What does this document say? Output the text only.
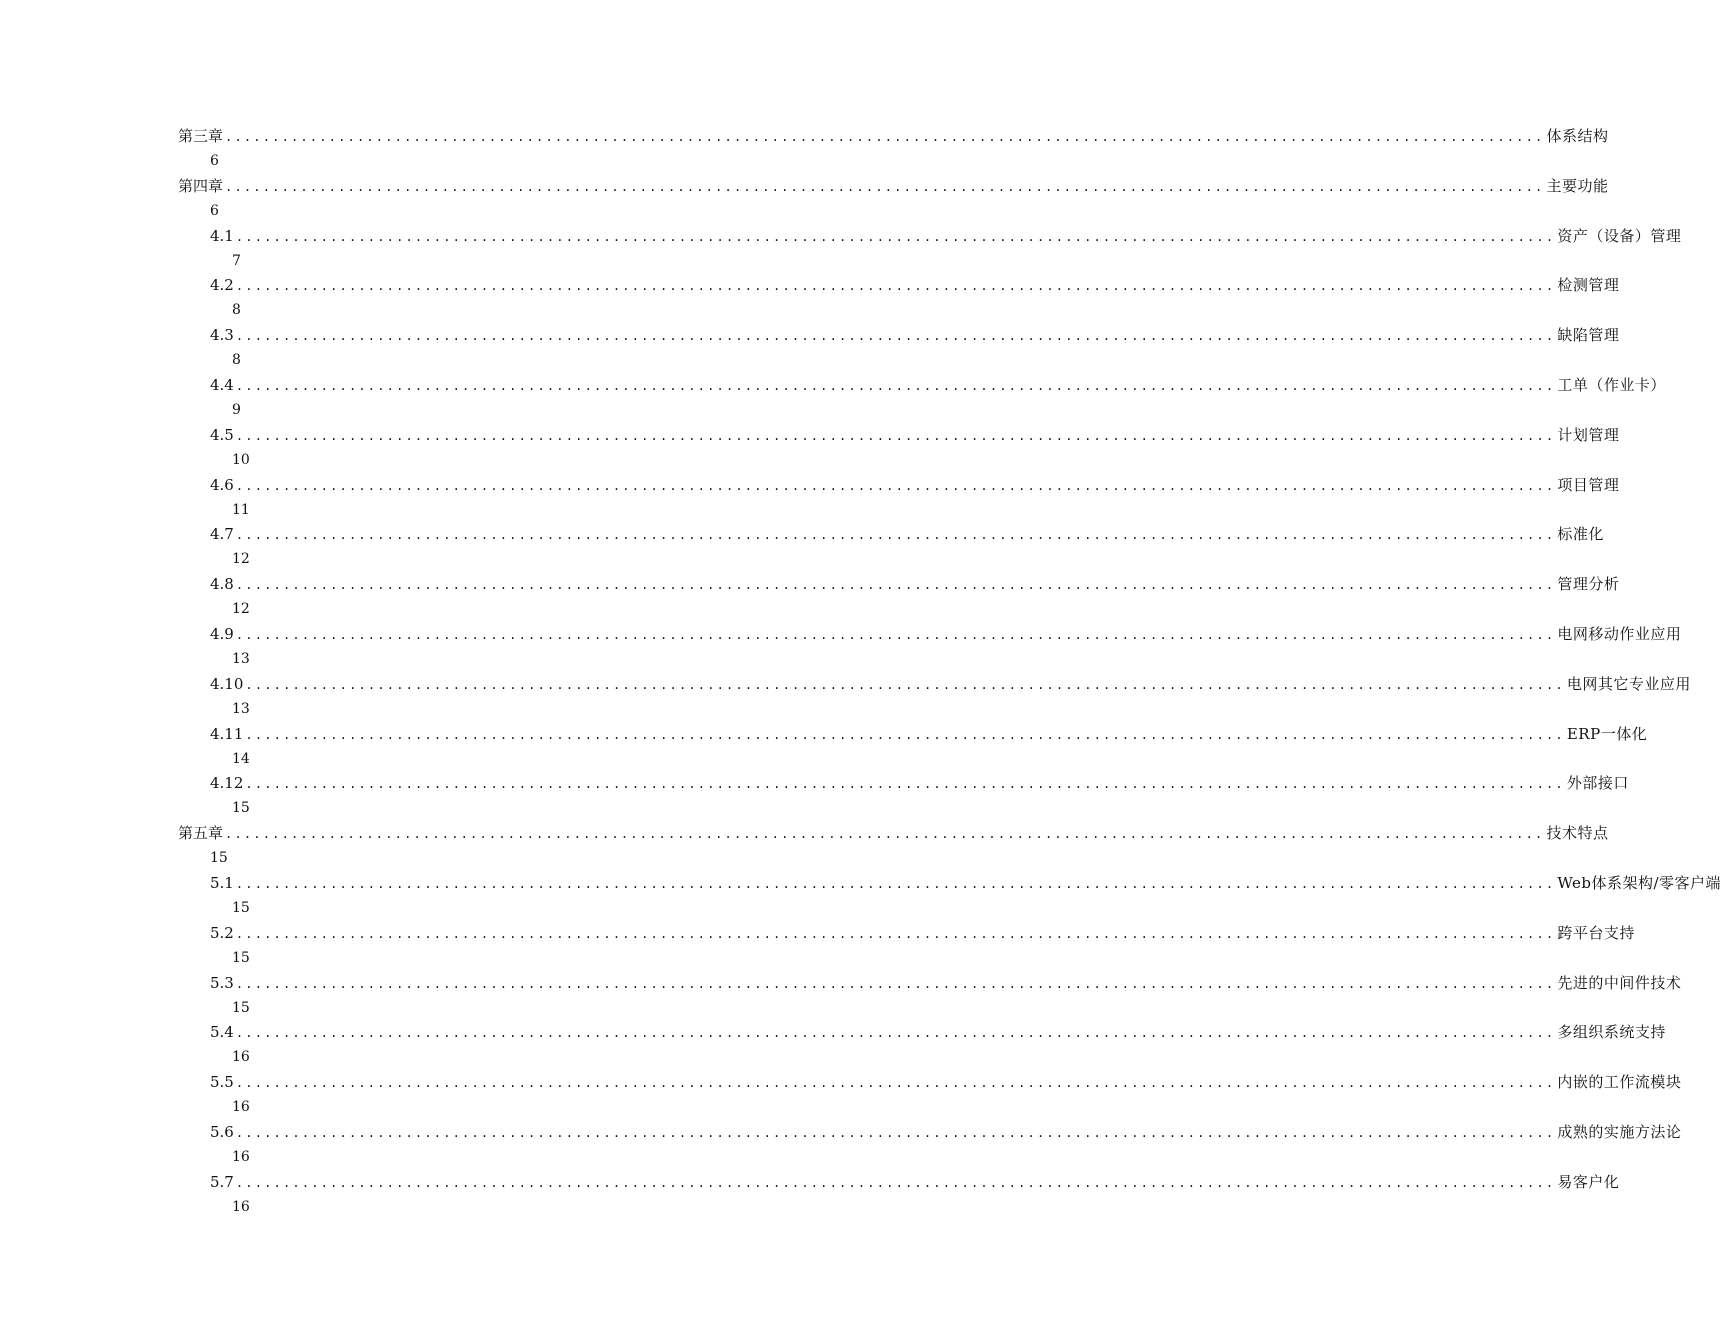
第三章 ............................................................................................................................................ 体系结构
6
第四章 ............................................................................................................................................ 主要功能
6
4.1 ............................................................................................................................................ 资产（设备）管理
7
4.2 ............................................................................................................................................ 检测管理
8
4.3 ............................................................................................................................................ 缺陷管理
8
4.4 ............................................................................................................................................ 工单（作业卡）
9
4.5 ............................................................................................................................................ 计划管理
10
4.6 ............................................................................................................................................ 项目管理
11
4.7 ............................................................................................................................................ 标准化
12
4.8 ............................................................................................................................................ 管理分析
12
4.9 ............................................................................................................................................ 电网移动作业应用
13
4.10 ............................................................................................................................................ 电网其它专业应用
13
4.11 ............................................................................................................................................ ERP一体化
14
4.12 ............................................................................................................................................ 外部接口
15
第五章 ............................................................................................................................................ 技术特点
15
5.1 ............................................................................................................................................ Web体系架构/零客户端
15
5.2 ............................................................................................................................................ 跨平台支持
15
5.3 ............................................................................................................................................ 先进的中间件技术
15
5.4 ............................................................................................................................................ 多组织系统支持
16
5.5 ............................................................................................................................................ 内嵌的工作流模块
16
5.6 ............................................................................................................................................ 成熟的实施方法论
16
5.7 ............................................................................................................................................ 易客户化
16
